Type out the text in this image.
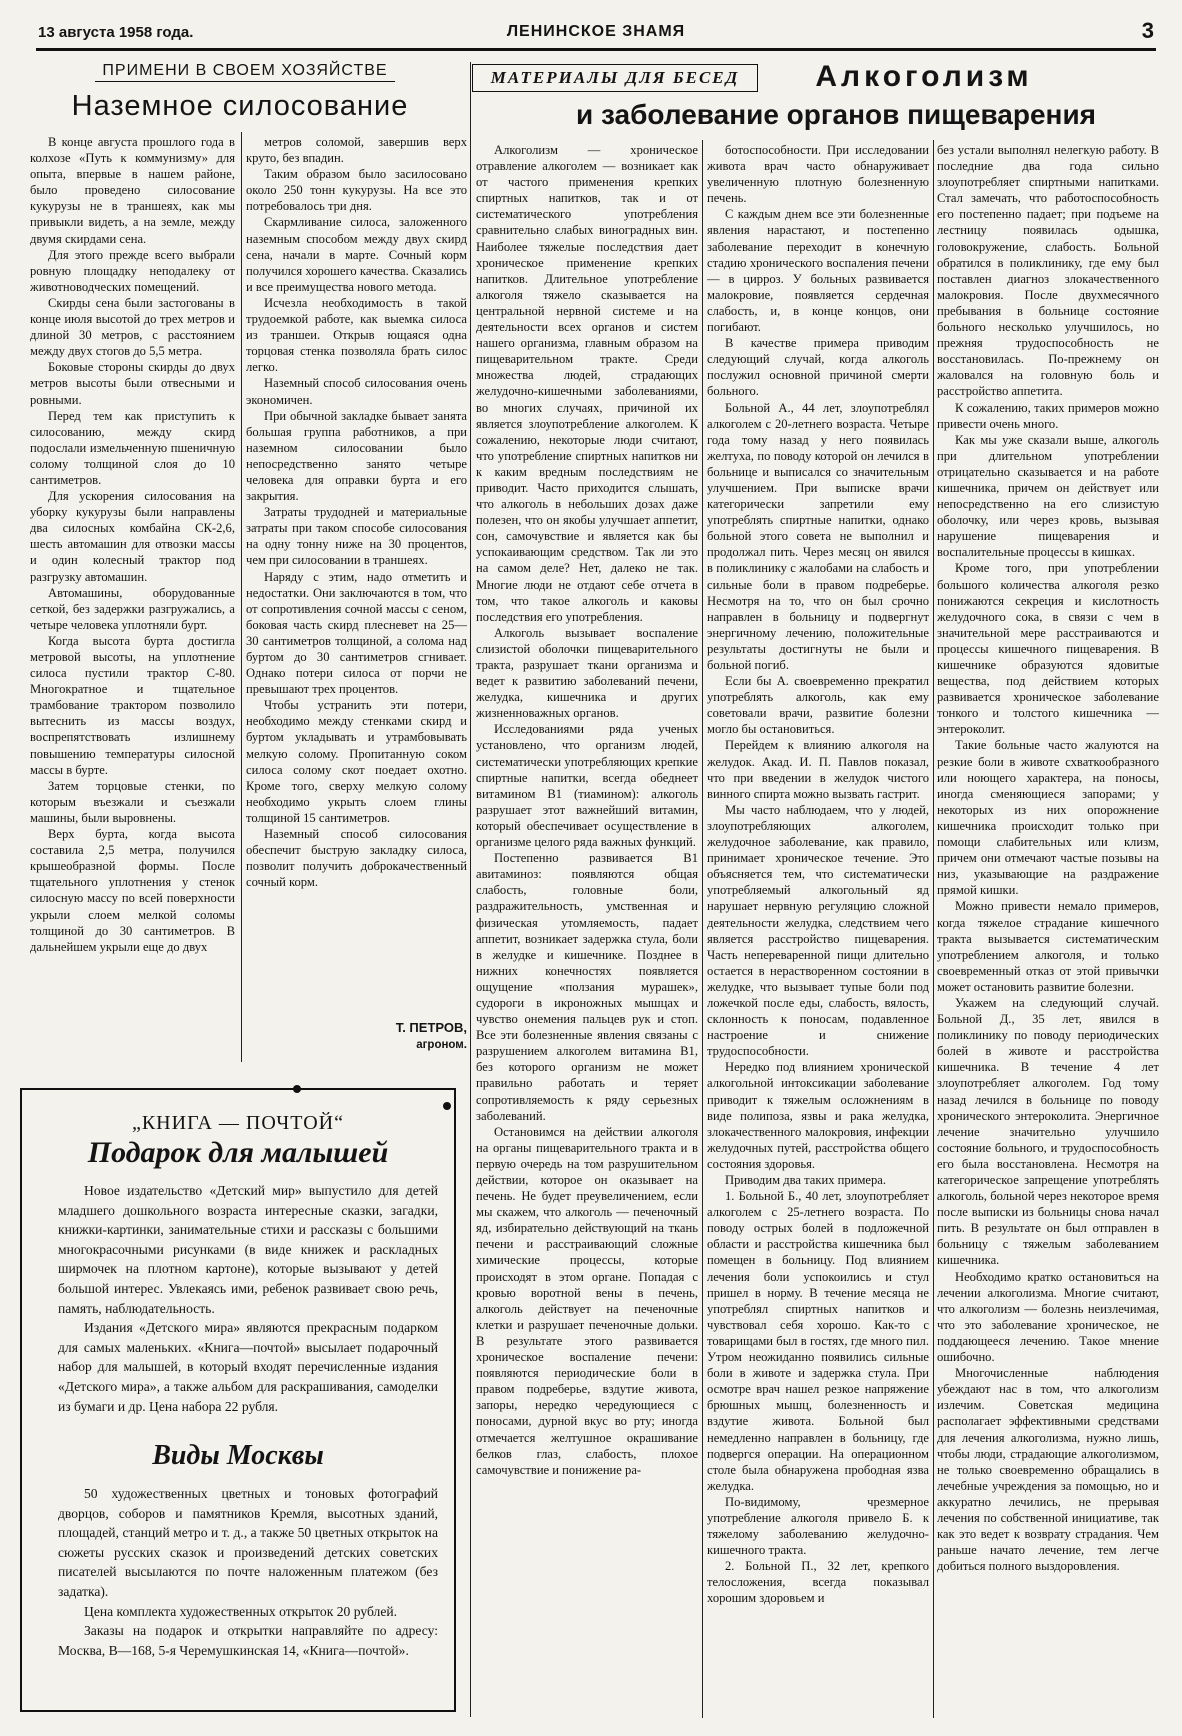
13 августа 1958 года.	ЛЕНИНСКОЕ ЗНАМЯ	3
ПРИМЕНИ В СВОЕМ ХОЗЯЙСТВЕ
Наземное силосование

В конце августа прошлого года в колхозе «Путь к коммунизму» для опыта, впервые в нашем районе, было проведено силосование кукурузы не в траншеях, как мы привыкли видеть, а на земле, между двумя скирдами сена.

Для этого прежде всего выбрали ровную площадку неподалеку от животноводческих помещений.

Скирды сена были застогованы в конце июля высотой до трех метров и длиной 30 метров, с расстоянием между двух стогов до 5,5 метра.

Боковые стороны скирды до двух метров высоты были отвесными и ровными.

Перед тем как приступить к силосованию, между скирд подослали измельченную пшеничную солому толщиной слоя до 10 сантиметров.

Для ускорения силосования на уборку кукурузы были направлены два силосных комбайна СК-2,6, шесть автомашин для отвозки массы и один колесный трактор под разгрузку автомашин.

Автомашины, оборудованные сеткой, без задержки разгружались, а четыре человека уплотняли бурт.

Когда высота бурта достигла метровой высоты, на уплотнение силоса пустили трактор С-80. Многократное и тщательное трамбование трактором позволило вытеснить из массы воздух, воспрепятствовать излишнему повышению температуры силосной массы в бурте.

Затем торцовые стенки, по которым въезжали и съезжали машины, были выровнены.

Верх бурта, когда высота составила 2,5 метра, получился крышеобразной формы. После тщательного уплотнения у стенок силосную массу по всей поверхности укрыли слоем мелкой соломы толщиной до 30 сантиметров. В дальнейшем укрыли еще до двух

метров соломой, завершив верх круто, без впадин.

Таким образом было засилосовано около 250 тонн кукурузы. На все это потребовалось три дня.

Скармливание силоса, заложенного наземным способом между двух скирд сена, начали в марте. Сочный корм получился хорошего качества. Сказались и все преимущества нового метода.

Исчезла необходимость в такой трудоемкой работе, как выемка силоса из траншеи. Открыв ющаяся одна торцовая стенка позволяла брать силос легко.

Наземный способ силосования очень экономичен.

При обычной закладке бывает занята большая группа работников, а при наземном силосовании было непосредственно занято четыре человека для оправки бурта и его закрытия.

Затраты трудодней и материальные затраты при таком способе силосования на одну тонну ниже на 30 процентов, чем при силосовании в траншеях.

Наряду с этим, надо отметить и недостатки. Они заключаются в том, что от сопротивления сочной массы с сеном, боковая часть скирд плесневет на 25—30 сантиметров толщиной, а солома над буртом до 30 сантиметров сгнивает. Однако потери силоса от порчи не превышают трех процентов.

Чтобы устранить эти потери, необходимо между стенками скирд и буртом укладывать и утрамбовывать мелкую солому. Пропитанную соком силоса солому скот поедает охотно. Кроме того, сверху мелкую солому необходимо укрыть слоем глины толщиной 15 сантиметров.

Наземный способ силосования обеспечит быструю закладку силоса, позволит получить доброкачественный сочный корм.

Т. ПЕТРОВ,
агроном.
МАТЕРИАЛЫ ДЛЯ БЕСЕД	Алкоголизм
и заболевание органов пищеварения

Алкоголизм — хроническое отравление алкоголем — возникает как от частого применения крепких спиртных напитков, так и от систематического употребления сравнительно слабых виноградных вин. Наиболее тяжелые последствия дает хроническое применение крепких напитков. Длительное употребление алкоголя тяжело сказывается на центральной нервной системе и на деятельности всех органов и систем нашего организма, главным образом на пищеварительном тракте. Среди множества людей, страдающих желудочно-кишечными заболеваниями, во многих случаях, причиной их является злоупотребление алкоголем. К сожалению, некоторые люди считают, что употребление спиртных напитков ни к каким вредным последствиям не приводит. Часто приходится слышать, что алкоголь в небольших дозах даже полезен, что он якобы улучшает аппетит, сон, самочувствие и является как бы успокаивающим средством. Так ли это на самом деле? Нет, далеко не так. Многие люди не отдают себе отчета в том, что такое алкоголь и каковы последствия его употребления.

Алкоголь вызывает воспаление слизистой оболочки пищеварительного тракта, разрушает ткани организма и ведет к развитию заболеваний печени, желудка, кишечника и других жизненноважных органов.

Исследованиями ряда ученых установлено, что организм людей, систематически употребляющих крепкие спиртные напитки, всегда обеднеет витамином B1 (тиамином): алкоголь разрушает этот важнейший витамин, который обеспечивает осуществление в организме целого ряда важных функций.

Постепенно развивается B1 авитаминоз: появляются общая слабость, головные боли, раздражительность, умственная и физическая утомляемость, падает аппетит, возникает задержка стула, боли в желудке и кишечнике. Позднее в нижних конечностях появляется ощущение «ползания мурашек», судороги в икроножных мышцах и чувство онемения пальцев рук и стоп. Все эти болезненные явления связаны с разрушением алкоголем витамина B1, без которого организм не может правильно работать и теряет сопротивляемость к ряду серьезных заболеваний.

Остановимся на действии алкоголя на органы пищеварительного тракта и в первую очередь на том разрушительном действии, которое он оказывает на печень. Не будет преувеличением, если мы скажем, что алкоголь — печеночный яд, избирательно действующий на ткань печени и расстраивающий сложные химические процессы, которые происходят в этом органе. Попадая с кровью воротной вены в печень, алкоголь действует на печеночные клетки и разрушает печеночные дольки. В результате этого развивается хроническое воспаление печени: появляются периодические боли в правом подреберье, вздутие живота, запоры, нередко чередующиеся с поносами, дурной вкус во рту; иногда отмечается желтушное окрашивание белков глаз, слабость, плохое самочувствие и понижение ра-

ботоспособности. При исследовании живота врач часто обнаруживает увеличенную плотную болезненную печень.

С каждым днем все эти болезненные явления нарастают, и постепенно заболевание переходит в конечную стадию хронического воспаления печени — в цирроз. У больных развивается малокровие, появляется сердечная слабость, и, в конце концов, они погибают.

В качестве примера приводим следующий случай, когда алкоголь послужил основной причиной смерти больного.

Больной А., 44 лет, злоупотреблял алкоголем с 20-летнего возраста. Четыре года тому назад у него появилась желтуха, по поводу которой он лечился в больнице и выписался со значительным улучшением. При выписке врачи категорически запретили ему употреблять спиртные напитки, однако больной этого совета не выполнил и продолжал пить. Через месяц он явился в поликлинику с жалобами на слабость и сильные боли в правом подреберье. Несмотря на то, что он был срочно направлен в больницу и подвергнут энергичному лечению, положительные результаты достигнуты не были и больной погиб.

Если бы А. своевременно прекратил употреблять алкоголь, как ему советовали врачи, развитие болезни могло бы остановиться.

Перейдем к влиянию алкоголя на желудок. Акад. И. П. Павлов показал, что при введении в желудок чистого винного спирта можно вызвать гастрит.

Мы часто наблюдаем, что у людей, злоупотребляющих алкоголем, желудочное заболевание, как правило, принимает хроническое течение. Это объясняется тем, что систематически употребляемый алкогольный яд нарушает нервную регуляцию сложной деятельности желудка, следствием чего является расстройство пищеварения. Часть непереваренной пищи длительно остается в нерастворенном состоянии в желудке, что вызывает тупые боли под ложечкой после еды, слабость, вялость, склонность к поносам, подавленное настроение и снижение трудоспособности.

Нередко под влиянием хронической алкогольной интоксикации заболевание приводит к тяжелым осложнениям в виде полипоза, язвы и рака желудка, злокачественного малокровия, инфекции желудочных путей, расстройства общего состояния здоровья.

Приводим два таких примера.

1. Больной Б., 40 лет, злоупотребляет алкоголем с 25-летнего возраста. По поводу острых болей в подложечной области и расстройства кишечника был помещен в больницу. Под влиянием лечения боли успокоились и стул пришел в норму. В течение месяца не употреблял спиртных напитков и чувствовал себя хорошо. Как-то с товарищами был в гостях, где много пил. Утром неожиданно появились сильные боли в животе и задержка стула. При осмотре врач нашел резкое напряжение брюшных мышц, болезненность и вздутие живота. Больной был немедленно направлен в больницу, где подвергся операции. На операционном столе была обнаружена прободная язва желудка.

По-видимому, чрезмерное употребление алкоголя привело Б. к тяжелому заболеванию желудочно-кишечного тракта.

2. Больной П., 32 лет, крепкого телосложения, всегда показывал хорошим здоровьем и

без устали выполнял нелегкую работу. В последние два года сильно злоупотребляет спиртными напитками. Стал замечать, что работоспособность его постепенно падает; при подъеме на лестницу появилась одышка, головокружение, слабость. Больной обратился в поликлинику, где ему был поставлен диагноз злокачественного малокровия. После двухмесячного пребывания в больнице состояние больного несколько улучшилось, но прежняя трудоспособность не восстановилась. По-прежнему он жаловался на головную боль и расстройство аппетита.

К сожалению, таких примеров можно привести очень много.

Как мы уже сказали выше, алкоголь при длительном употреблении отрицательно сказывается и на работе кишечника, причем он действует или непосредственно на его слизистую оболочку, или через кровь, вызывая нарушение пищеварения и воспалительные процессы в кишках.

Кроме того, при употреблении большого количества алкоголя резко понижаются секреция и кислотность желудочного сока, в связи с чем в значительной мере расстраиваются и процессы кишечного пищеварения. В кишечнике образуются ядовитые вещества, под действием которых развивается хроническое заболевание тонкого и толстого кишечника — энтероколит.

Такие больные часто жалуются на резкие боли в животе схваткообразного или ноющего характера, на поносы, иногда сменяющиеся запорами; у некоторых из них опорожнение кишечника происходит только при помощи слабительных или клизм, причем они отмечают частые позывы на низ, указывающие на раздражение прямой кишки.

Можно привести немало примеров, когда тяжелое страдание кишечного тракта вызывается систематическим употреблением алкоголя, и только своевременный отказ от этой привычки может остановить развитие болезни.

Укажем на следующий случай. Больной Д., 35 лет, явился в поликлинику по поводу периодических болей в животе и расстройства кишечника. В течение 4 лет злоупотребляет алкоголем. Год тому назад лечился в больнице по поводу хронического энтероколита. Энергичное лечение значительно улучшило состояние больного, и трудоспособность его была восстановлена. Несмотря на категорическое запрещение употреблять алкоголь, больной через некоторое время после выписки из больницы снова начал пить. В результате он был отправлен в больницу с тяжелым заболеванием кишечника.

Необходимо кратко остановиться на лечении алкоголизма. Многие считают, что алкоголизм — болезнь неизлечимая, что это заболевание хроническое, не поддающееся лечению. Такое мнение ошибочно.

Многочисленные наблюдения убеждают нас в том, что алкоголизм излечим. Советская медицина располагает эффективными средствами для лечения алкоголизма, нужно лишь, чтобы люди, страдающие алкоголизмом, не только своевременно обращались в лечебные учреждения за помощью, но и аккуратно лечились, не прерывая лечения по собственной инициативе, так как это ведет к возврату страдания. Чем раньше начато лечение, тем легче добиться полного выздоровления.

„КНИГА — ПОЧТОЙ“
Подарок для малышей

Новое издательство «Детский мир» выпустило для детей младшего дошкольного возраста интересные сказки, загадки, книжки-картинки, занимательные стихи и рассказы с большими многокрасочными рисунками (в виде книжек и раскладных ширмочек на плотном картоне), которые вызывают у детей большой интерес. Увлекаясь ими, ребенок развивает свою речь, память, наблюдательность.

Издания «Детского мира» являются прекрасным подарком для самых маленьких. «Книга—почтой» высылает подарочный набор для малышей, в который входят перечисленные издания «Детского мира», а также альбом для раскрашивания, самоделки из бумаги и др. Цена набора 22 рубля.

Виды Москвы

50 художественных цветных и тоновых фотографий дворцов, соборов и памятников Кремля, высотных зданий, площадей, станций метро и т. д., а также 50 цветных открыток на сюжеты русских сказок и произведений детских советских писателей высылаются по почте наложенным платежом (без задатка).

Цена комплекта художественных открыток 20 рублей.

Заказы на подарок и открытки направляйте по адресу: Москва, В—168, 5-я Черемушкинская 14, «Книга—почтой».
